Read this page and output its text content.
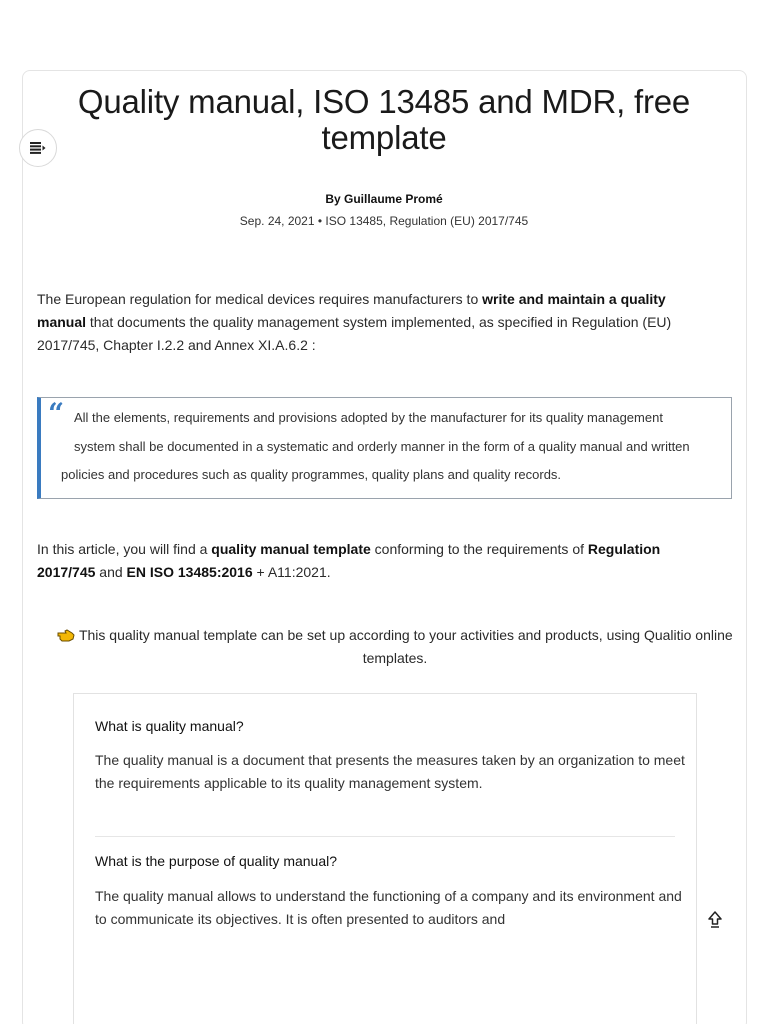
Quality manual, ISO 13485 and MDR, free template
By Guillaume Promé
Sep. 24, 2021 • ISO 13485, Regulation (EU) 2017/745

The European regulation for medical devices requires manufacturers to write and maintain a quality manual that documents the quality management system implemented, as specified in Regulation (EU) 2017/745, Chapter I.2.2 and Annex XI.A.6.2 :

“ All the elements, requirements and provisions adopted by the manufacturer for its quality management
system shall be documented in a systematic and orderly manner in the form of a quality manual and written
policies and procedures such as quality programmes, quality plans and quality records.

In this article, you will find a quality manual template conforming to the requirements of Regulation 2017/745 and EN ISO 13485:2016 + A11:2021.

This quality manual template can be set up according to your activities and products, using Qualitio online templates.

What is quality manual?
The quality manual is a document that presents the measures taken by an organization to meet the requirements applicable to its quality management system.
What is the purpose of quality manual?
The quality manual allows to understand the functioning of a company and its environment and to communicate its objectives. It is often presented to auditors and
